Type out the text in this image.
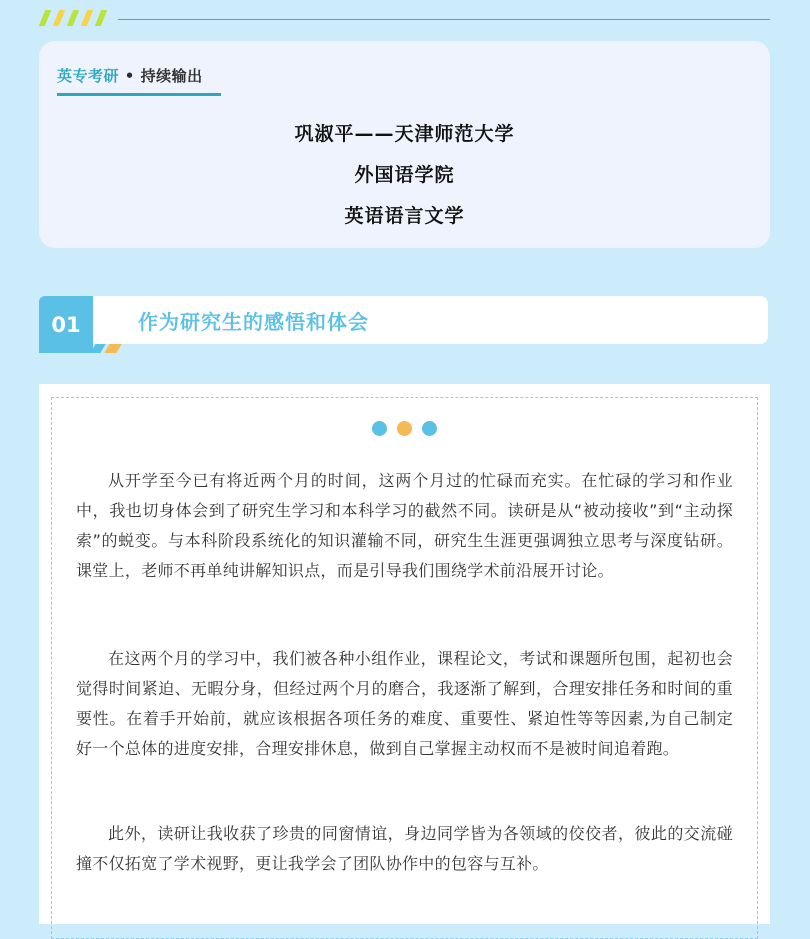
英专考研 • 持续输出
巩淑平——天津师范大学
外国语学院
英语语言文学
01	作为研究生的感悟和体会

从开学至今已有将近两个月的时间，这两个月过的忙碌而充实。在忙碌的学习和作业中，我也切身体会到了研究生学习和本科学习的截然不同。读研是从“被动接收”到“主动探索”的蜕变。与本科阶段系统化的知识灌输不同，研究生生涯更强调独立思考与深度钻研。课堂上，老师不再单纯讲解知识点，而是引导我们围绕学术前沿展开讨论。

在这两个月的学习中，我们被各种小组作业，课程论文，考试和课题所包围，起初也会觉得时间紧迫、无暇分身，但经过两个月的磨合，我逐渐了解到，合理安排任务和时间的重要性。在着手开始前，就应该根据各项任务的难度、重要性、紧迫性等等因素,为自己制定好一个总体的进度安排，合理安排休息，做到自己掌握主动权而不是被时间追着跑。

此外，读研让我收获了珍贵的同窗情谊，身边同学皆为各领域的佼佼者，彼此的交流碰撞不仅拓宽了学术视野，更让我学会了团队协作中的包容与互补。
